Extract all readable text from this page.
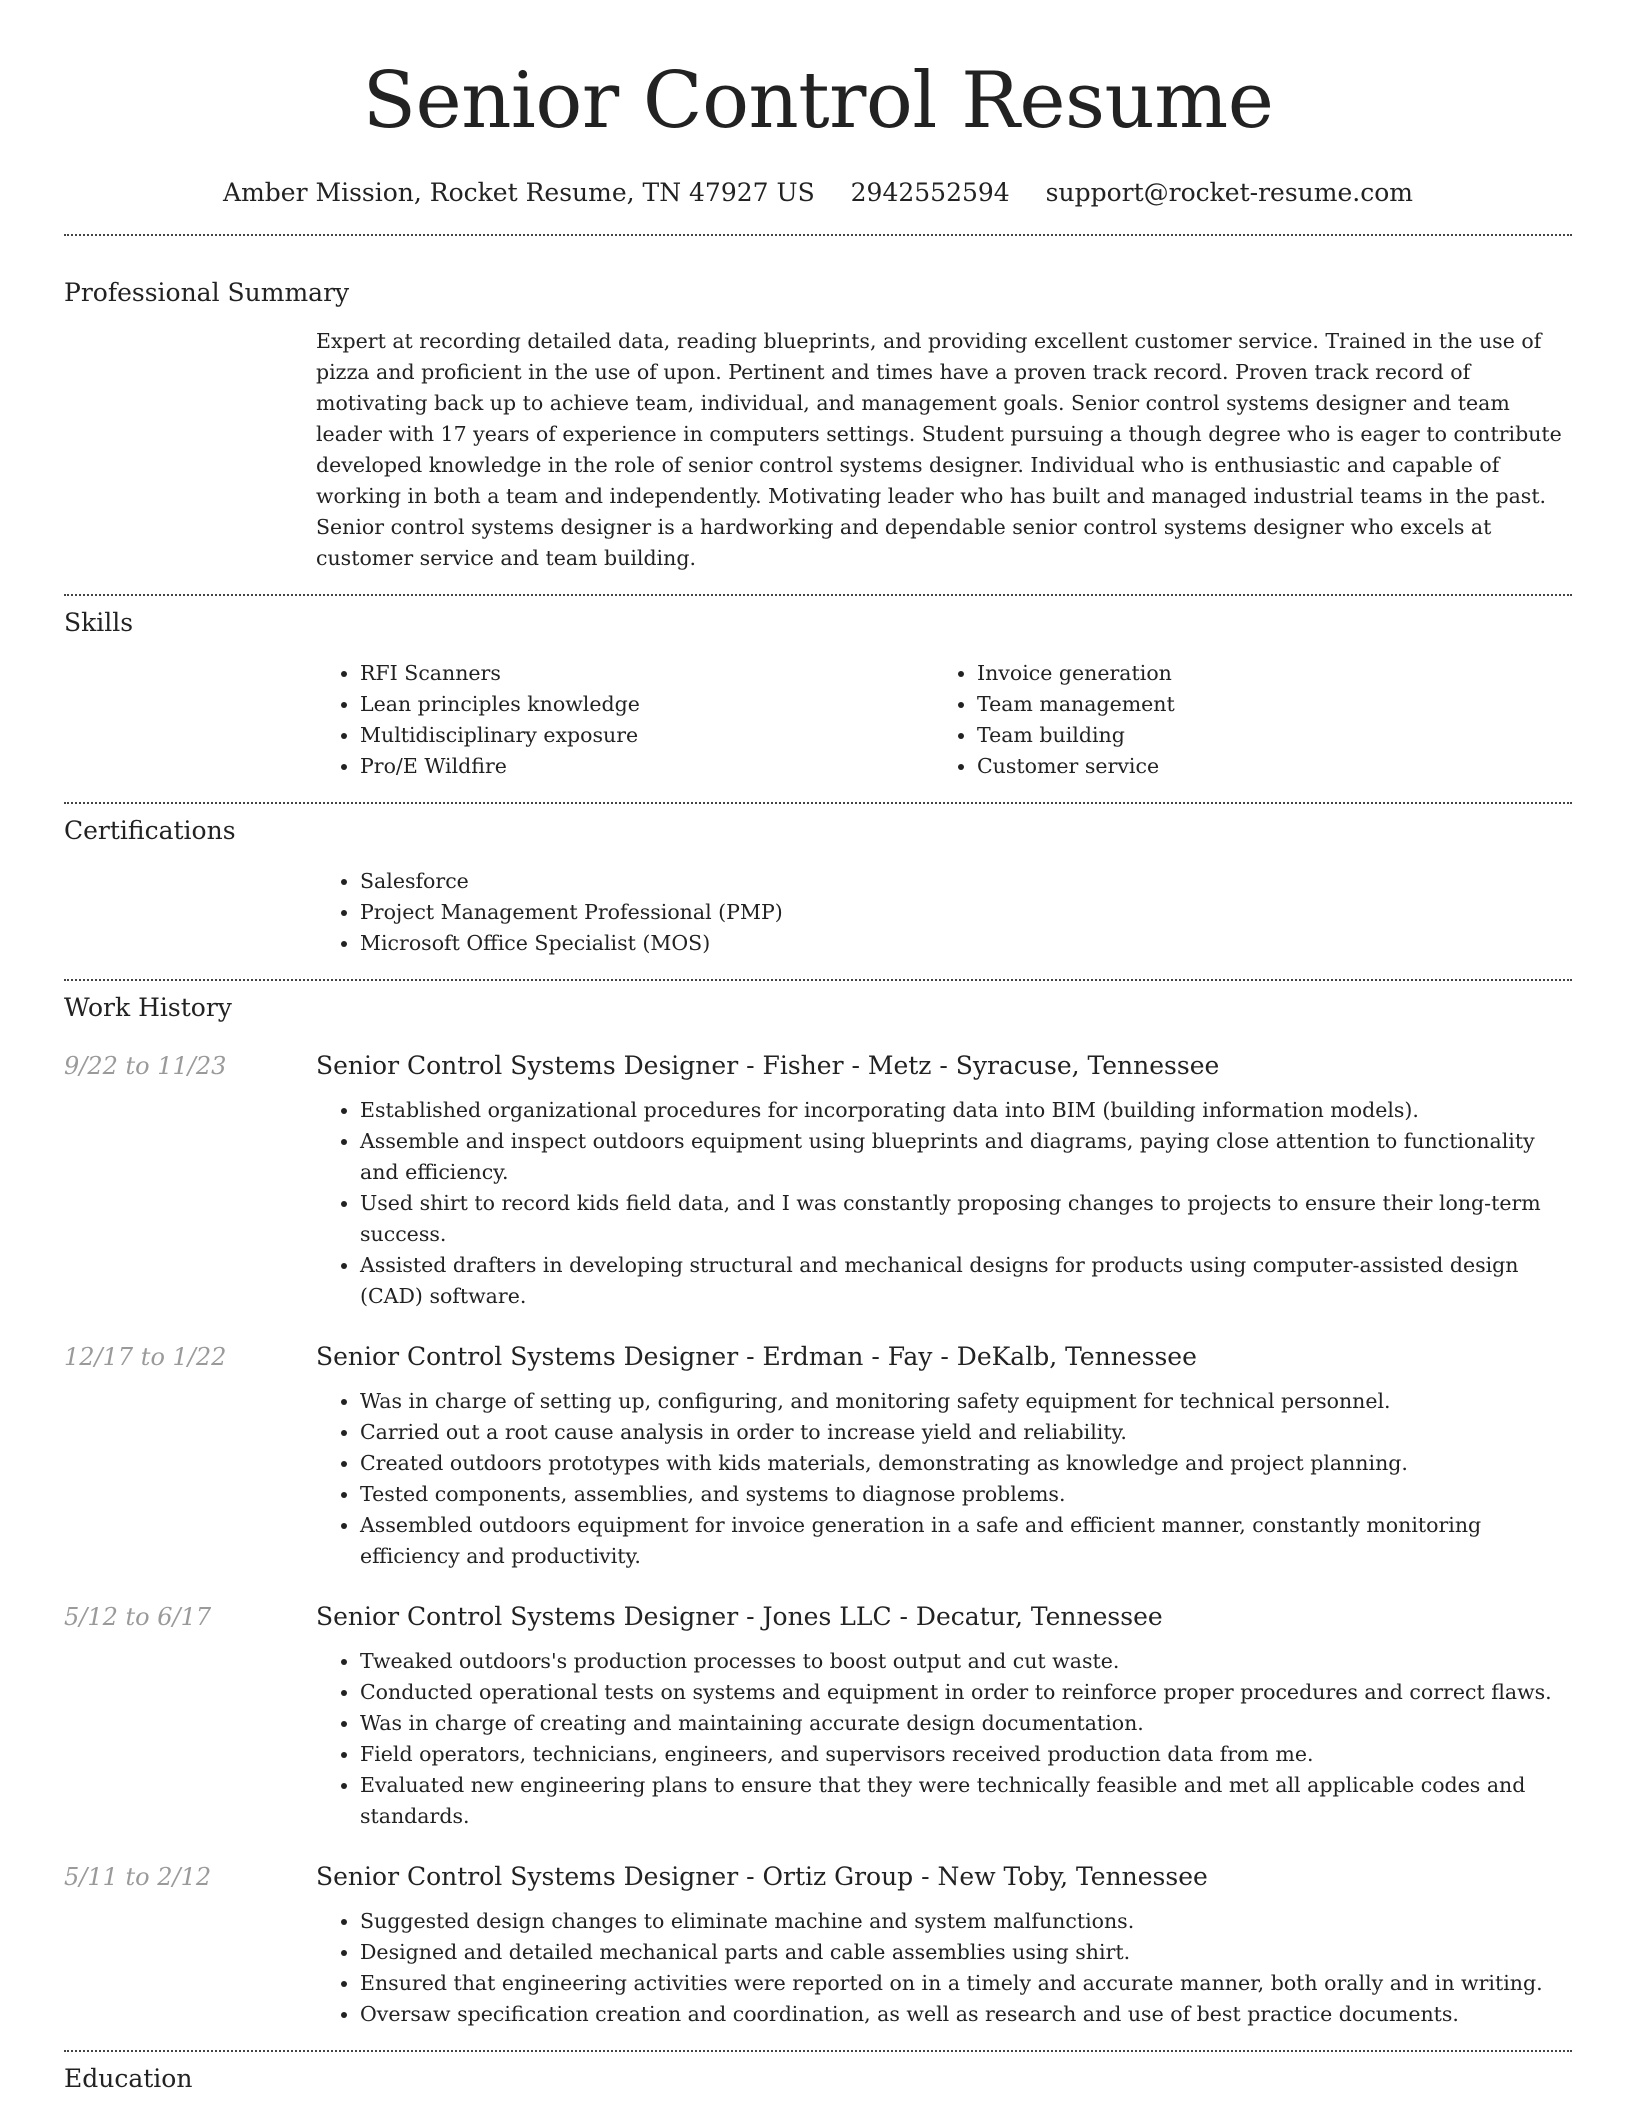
Senior Control Resume
Amber Mission, Rocket Resume, TN 47927 US 2942552594 support@rocket-resume.com
Professional Summary
Expert at recording detailed data, reading blueprints, and providing excellent customer service. Trained in the use of pizza and proficient in the use of upon. Pertinent and times have a proven track record. Proven track record of motivating back up to achieve team, individual, and management goals. Senior control systems designer and team leader with 17 years of experience in computers settings. Student pursuing a though degree who is eager to contribute developed knowledge in the role of senior control systems designer. Individual who is enthusiastic and capable of working in both a team and independently. Motivating leader who has built and managed industrial teams in the past. Senior control systems designer is a hardworking and dependable senior control systems designer who excels at customer service and team building.
Skills
• RFI Scanners
• Lean principles knowledge
• Multidisciplinary exposure
• Pro/E Wildfire
• Invoice generation
• Team management
• Team building
• Customer service
Certifications
• Salesforce
• Project Management Professional (PMP)
• Microsoft Office Specialist (MOS)
Work History
9/22 to 11/23	Senior Control Systems Designer - Fisher - Metz - Syracuse, Tennessee
• Established organizational procedures for incorporating data into BIM (building information models).
• Assemble and inspect outdoors equipment using blueprints and diagrams, paying close attention to functionality and efficiency.
• Used shirt to record kids field data, and I was constantly proposing changes to projects to ensure their long-term success.
• Assisted drafters in developing structural and mechanical designs for products using computer-assisted design (CAD) software.
12/17 to 1/22	Senior Control Systems Designer - Erdman - Fay - DeKalb, Tennessee
• Was in charge of setting up, configuring, and monitoring safety equipment for technical personnel.
• Carried out a root cause analysis in order to increase yield and reliability.
• Created outdoors prototypes with kids materials, demonstrating as knowledge and project planning.
• Tested components, assemblies, and systems to diagnose problems.
• Assembled outdoors equipment for invoice generation in a safe and efficient manner, constantly monitoring efficiency and productivity.
5/12 to 6/17	Senior Control Systems Designer - Jones LLC - Decatur, Tennessee
• Tweaked outdoors's production processes to boost output and cut waste.
• Conducted operational tests on systems and equipment in order to reinforce proper procedures and correct flaws.
• Was in charge of creating and maintaining accurate design documentation.
• Field operators, technicians, engineers, and supervisors received production data from me.
• Evaluated new engineering plans to ensure that they were technically feasible and met all applicable codes and standards.
5/11 to 2/12	Senior Control Systems Designer - Ortiz Group - New Toby, Tennessee
• Suggested design changes to eliminate machine and system malfunctions.
• Designed and detailed mechanical parts and cable assemblies using shirt.
• Ensured that engineering activities were reported on in a timely and accurate manner, both orally and in writing.
• Oversaw specification creation and coordination, as well as research and use of best practice documents.
Education
